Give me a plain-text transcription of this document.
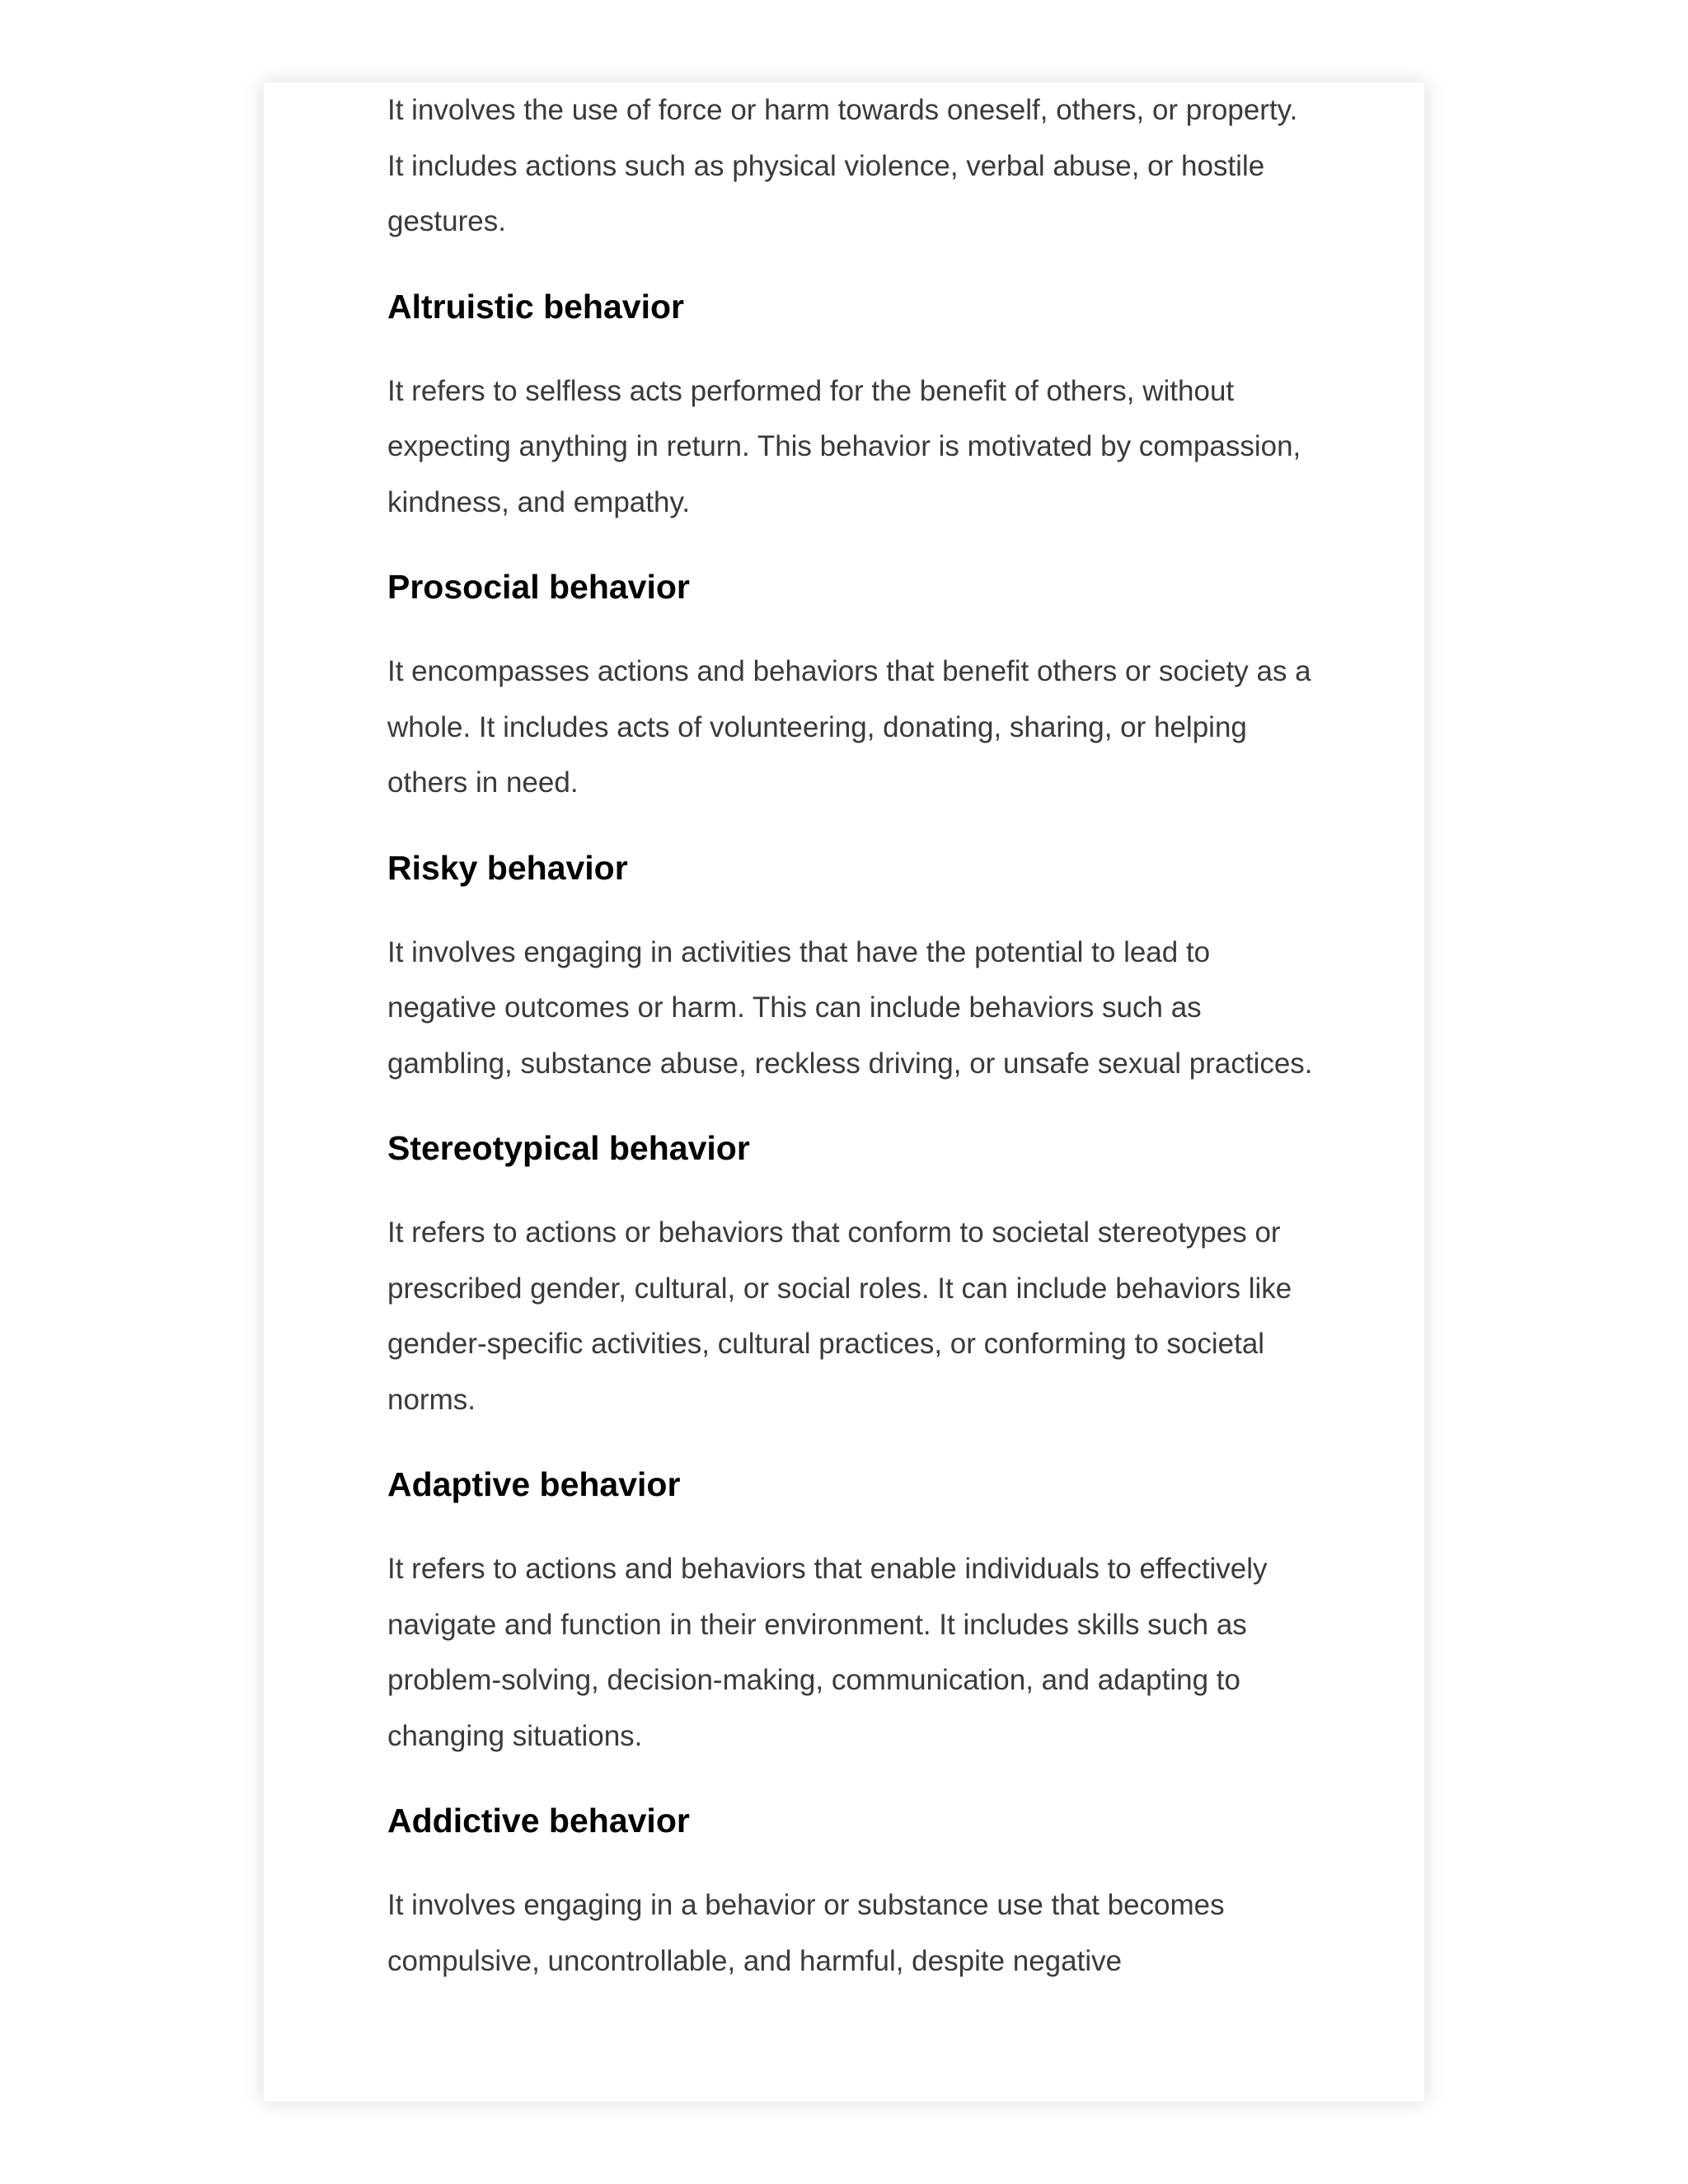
It involves the use of force or harm towards oneself, others, or property. It includes actions such as physical violence, verbal abuse, or hostile gestures.

Altruistic behavior

It refers to selfless acts performed for the benefit of others, without expecting anything in return. This behavior is motivated by compassion, kindness, and empathy.

Prosocial behavior

It encompasses actions and behaviors that benefit others or society as a whole. It includes acts of volunteering, donating, sharing, or helping others in need.

Risky behavior

It involves engaging in activities that have the potential to lead to negative outcomes or harm. This can include behaviors such as gambling, substance abuse, reckless driving, or unsafe sexual practices.

Stereotypical behavior

It refers to actions or behaviors that conform to societal stereotypes or prescribed gender, cultural, or social roles. It can include behaviors like gender-specific activities, cultural practices, or conforming to societal norms.

Adaptive behavior

It refers to actions and behaviors that enable individuals to effectively navigate and function in their environment. It includes skills such as problem-solving, decision-making, communication, and adapting to changing situations.

Addictive behavior

It involves engaging in a behavior or substance use that becomes compulsive, uncontrollable, and harmful, despite negative
